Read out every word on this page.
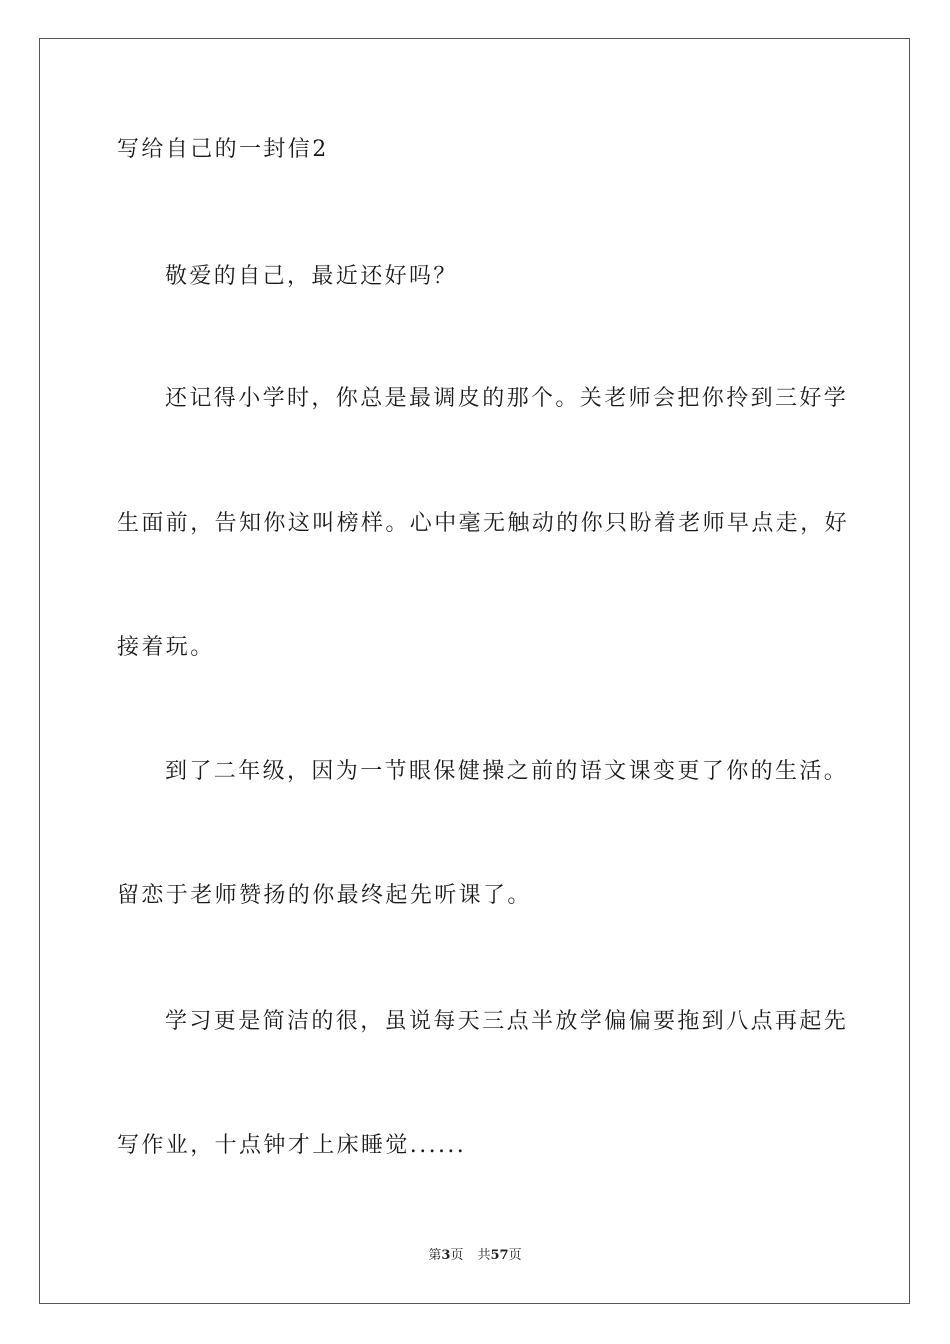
写给自己的一封信2
敬爱的自己，最近还好吗？
还记得小学时，你总是最调皮的那个。关老师会把你拎到三好学
生面前，告知你这叫榜样。心中毫无触动的你只盼着老师早点走，好
接着玩。
到了二年级，因为一节眼保健操之前的语文课变更了你的生活。
留恋于老师赞扬的你最终起先听课了。
学习更是简洁的很，虽说每天三点半放学偏偏要拖到八点再起先
写作业，十点钟才上床睡觉......
第3页 共57页
